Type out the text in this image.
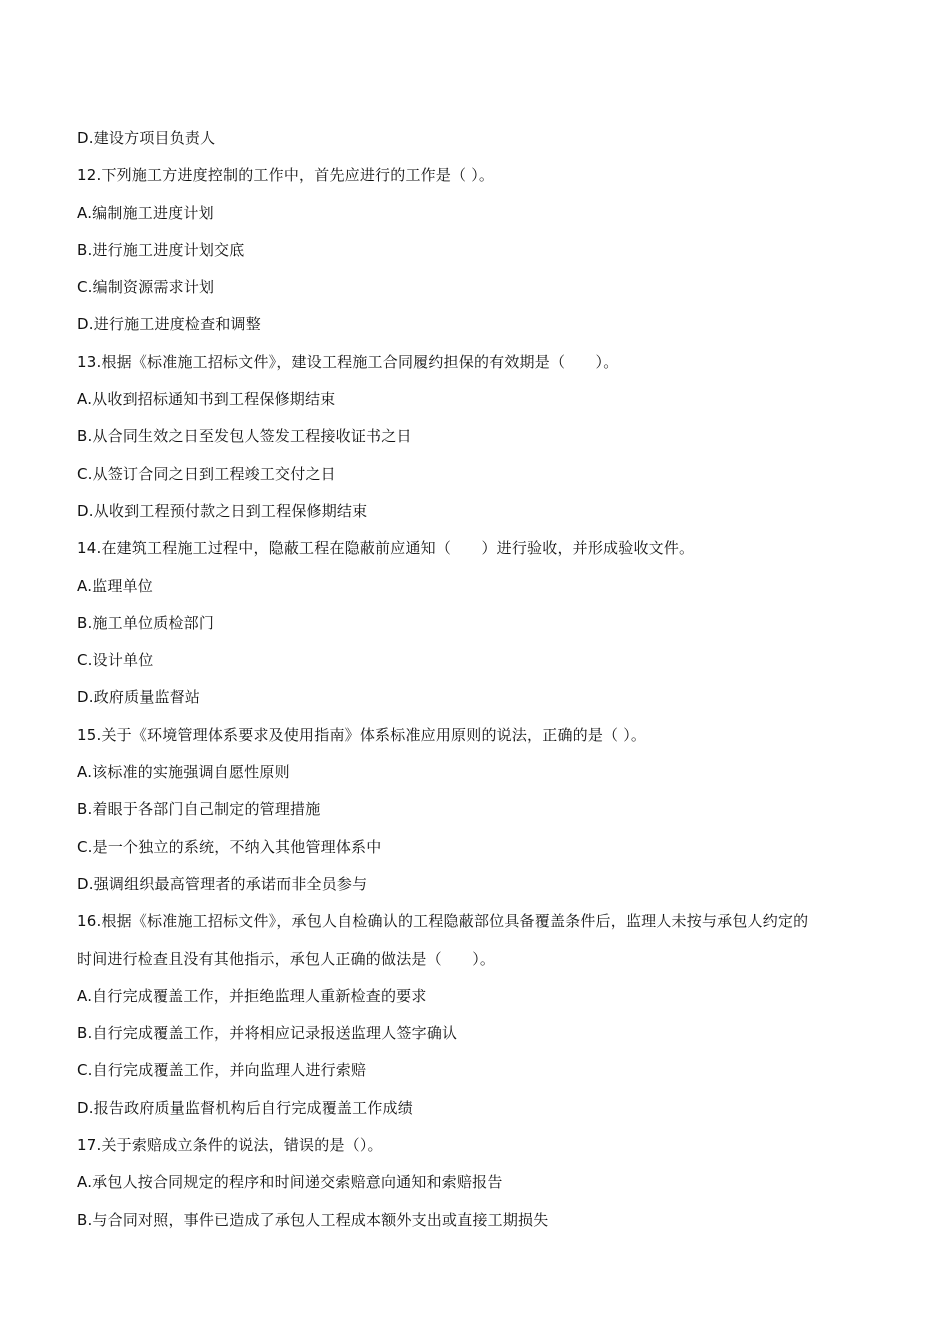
D.建设方项目负责人
12.下列施工方进度控制的工作中，首先应进行的工作是（ ）。
A.编制施工进度计划
B.进行施工进度计划交底
C.编制资源需求计划
D.进行施工进度检查和调整
13.根据《标准施工招标文件》，建设工程施工合同履约担保的有效期是（　　）。
A.从收到招标通知书到工程保修期结束
B.从合同生效之日至发包人签发工程接收证书之日
C.从签订合同之日到工程竣工交付之日
D.从收到工程预付款之日到工程保修期结束
14.在建筑工程施工过程中，隐蔽工程在隐蔽前应通知（　　）进行验收，并形成验收文件。
A.监理单位
B.施工单位质检部门
C.设计单位
D.政府质量监督站
15.关于《环境管理体系要求及使用指南》体系标准应用原则的说法，正确的是（ ）。
A.该标准的实施强调自愿性原则
B.着眼于各部门自己制定的管理措施
C.是一个独立的系统，不纳入其他管理体系中
D.强调组织最高管理者的承诺而非全员参与
16.根据《标准施工招标文件》，承包人自检确认的工程隐蔽部位具备覆盖条件后，监理人未按与承包人约定的
时间进行检查且没有其他指示，承包人正确的做法是（　　）。
A.自行完成覆盖工作，并拒绝监理人重新检查的要求
B.自行完成覆盖工作，并将相应记录报送监理人签字确认
C.自行完成覆盖工作，并向监理人进行索赔
D.报告政府质量监督机构后自行完成覆盖工作成绩
17.关于索赔成立条件的说法，错误的是（）。
A.承包人按合同规定的程序和时间递交索赔意向通知和索赔报告
B.与合同对照，事件已造成了承包人工程成本额外支出或直接工期损失
